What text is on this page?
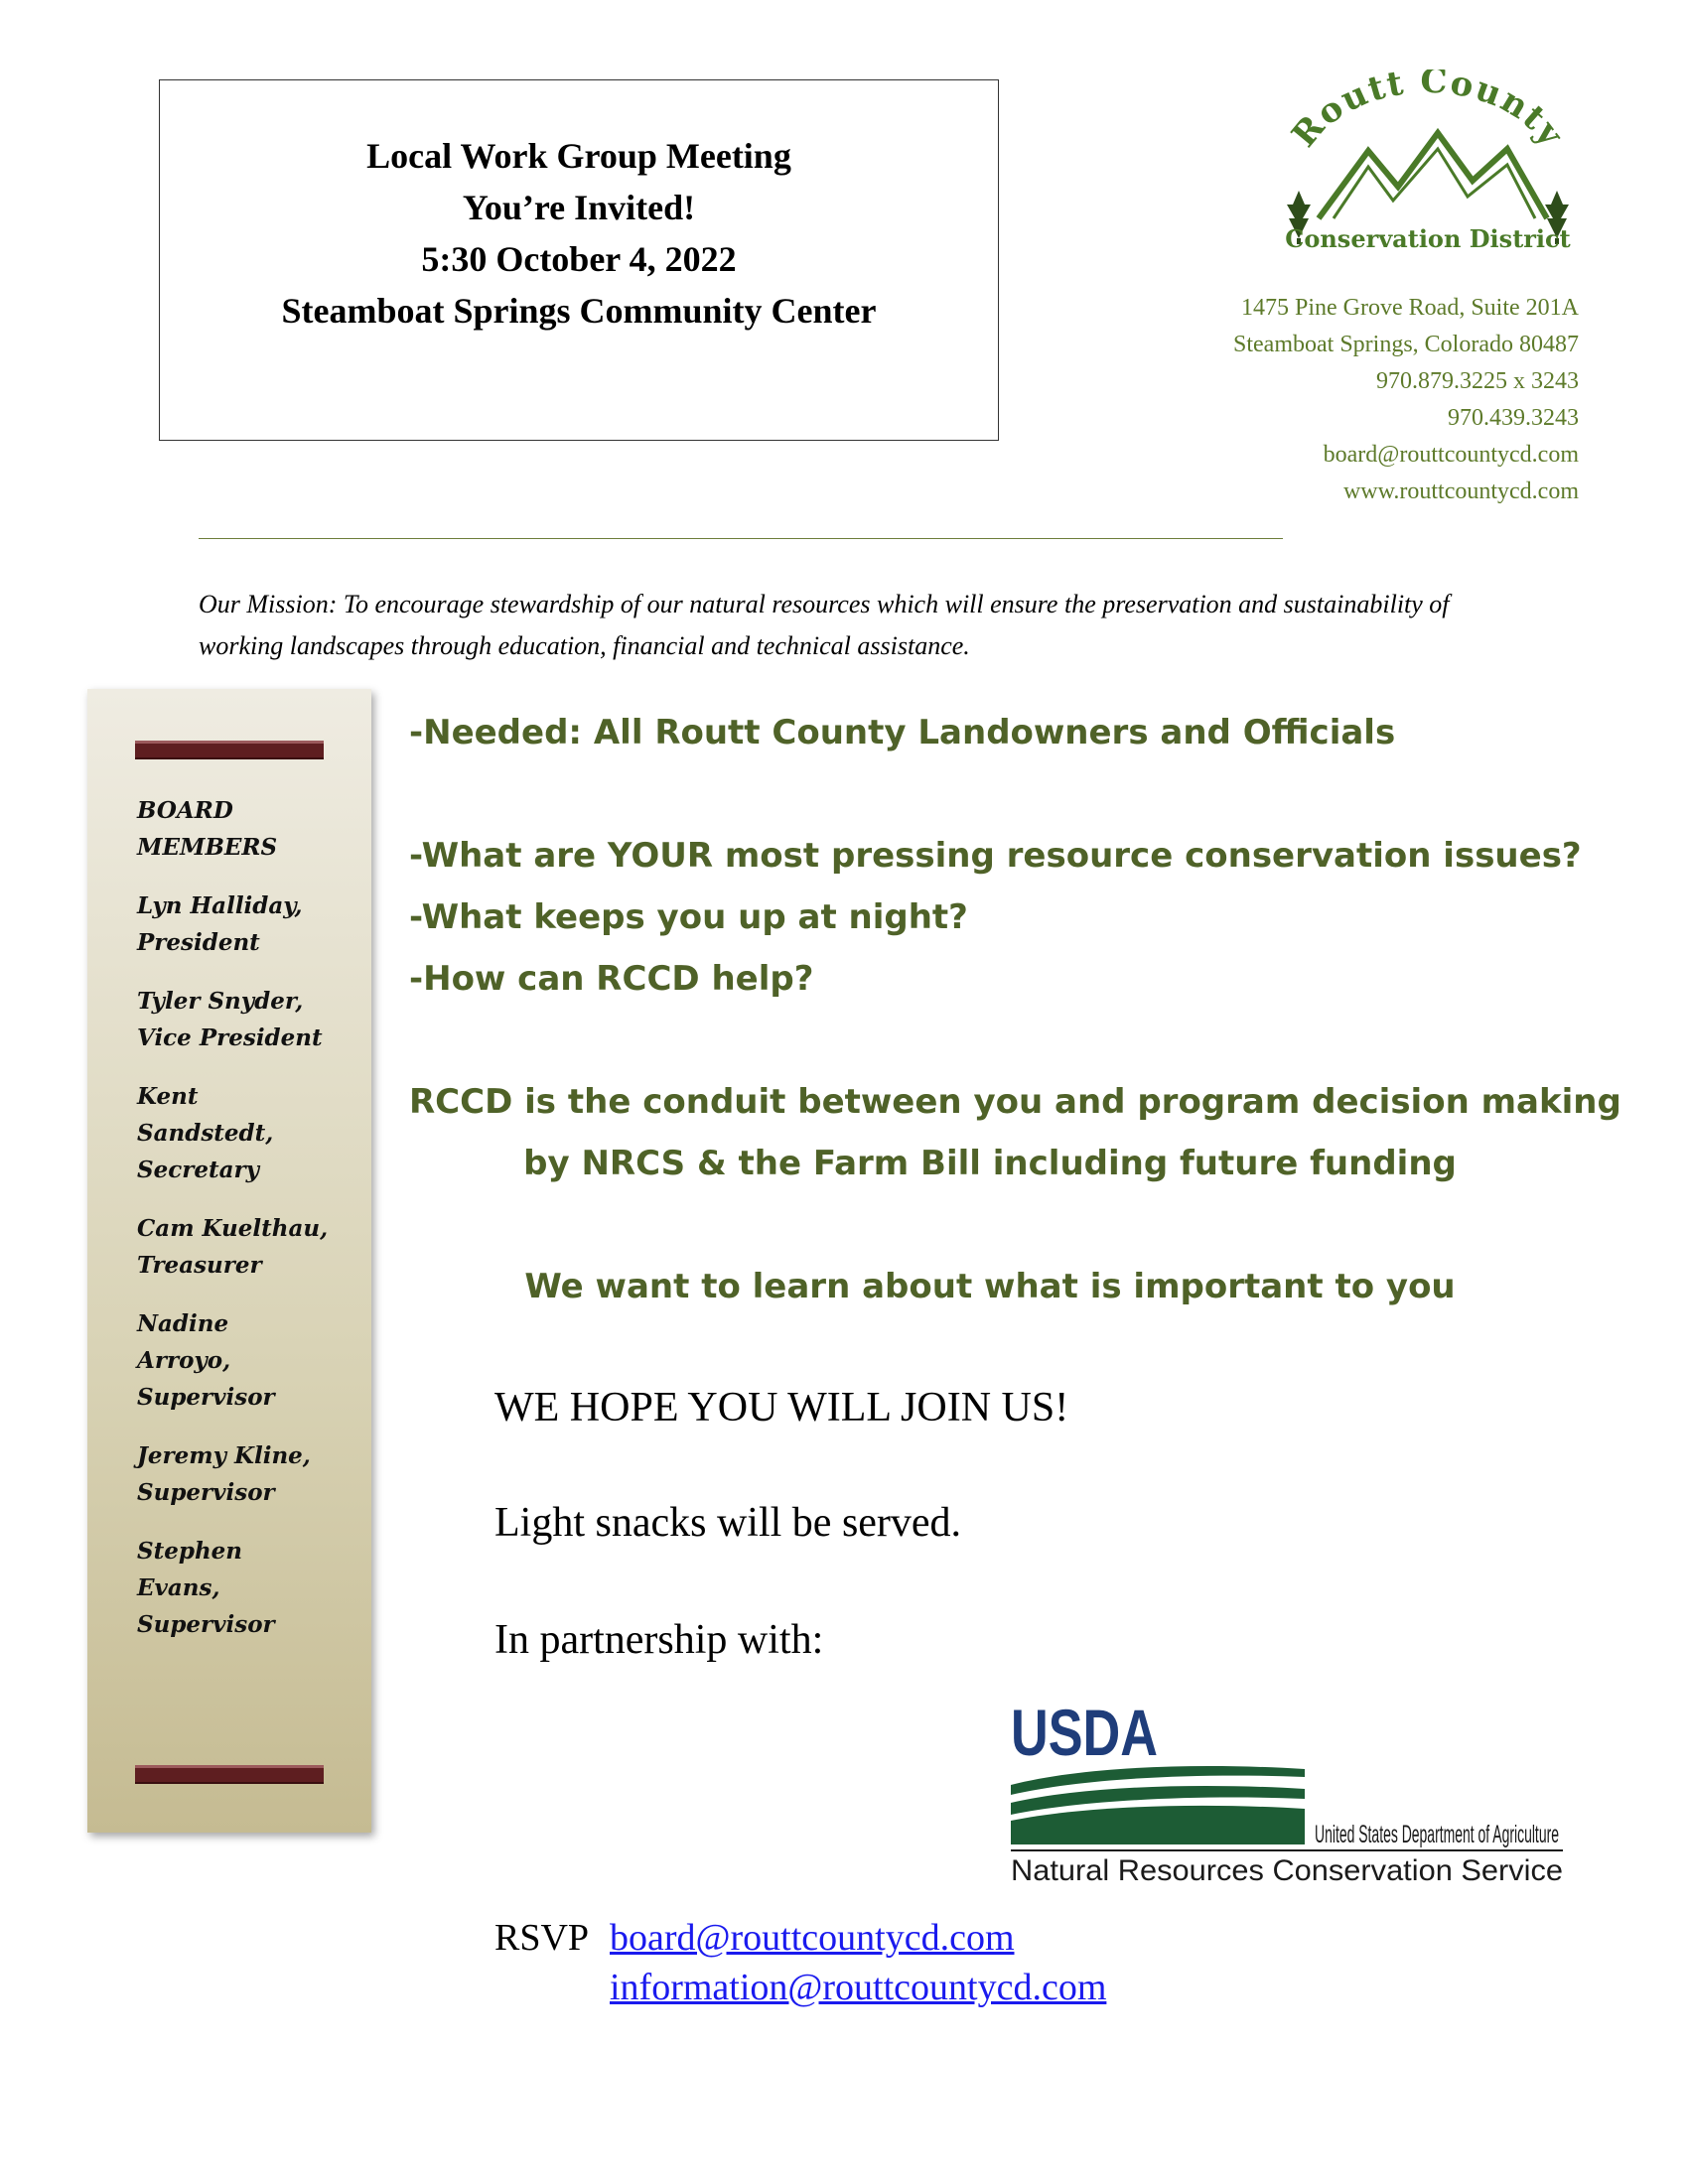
Local Work Group Meeting
You’re Invited!
5:30 October 4, 2022
Steamboat Springs Community Center
Routt County
Conservation District
1475 Pine Grove Road, Suite 201A
Steamboat Springs, Colorado 80487
970.879.3225 x 3243
970.439.3243
board@routtcountycd.com
www.routtcountycd.com
Our Mission: To encourage stewardship of our natural resources which will ensure the preservation and sustainability of working landscapes through education, financial and technical assistance.
BOARD
MEMBERS
Lyn Halliday,
President
Tyler Snyder,
Vice President
Kent
Sandstedt,
Secretary
Cam Kuelthau,
Treasurer
Nadine
Arroyo,
Supervisor
Jeremy Kline,
Supervisor
Stephen
Evans,
Supervisor
-Needed: All Routt County Landowners and Officials
-What are YOUR most pressing resource conservation issues?
-What keeps you up at night?
-How can RCCD help?
RCCD is the conduit between you and program decision making
by NRCS & the Farm Bill including future funding
We want to learn about what is important to you
WE HOPE YOU WILL JOIN US!
Light snacks will be served.
In partnership with:
USDA
United States Department of Agriculture
Natural Resources Conservation Service
RSVP board@routtcountycd.com
information@routtcountycd.com
